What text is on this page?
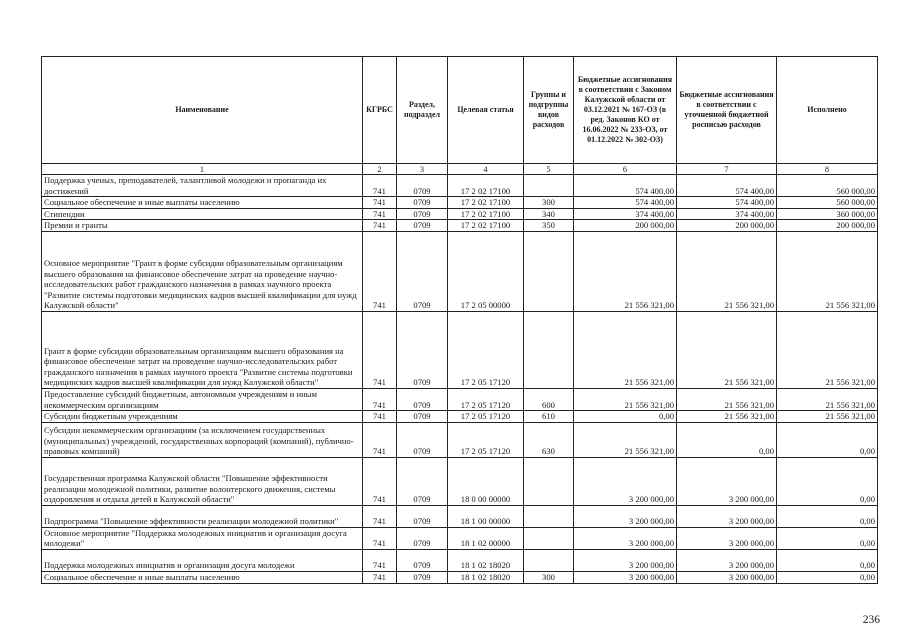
Наименование	КГРБС	Раздел, подраздел	Целевая статья	Группы и подгруппы видов расходов	Бюджетные ассигнования в соответствии с Законом Калужской области от 03.12.2021 № 167-ОЗ (в ред. Законов КО от 16.06.2022 № 233-ОЗ, от 01.12.2022 № 302-ОЗ)	Бюджетные ассигнования в соответствии с уточненной бюджетной росписью расходов	Исполнено
1	2	3	4	5	6	7	8
Поддержка ученых, преподавателей, талантливой молодежи и пропаганда их достижений	741	0709	17 2 02 17100		574 400,00	574 400,00	560 000,00
Социальное обеспечение и иные выплаты населению	741	0709	17 2 02 17100	300	574 400,00	574 400,00	560 000,00
Стипендии	741	0709	17 2 02 17100	340	374 400,00	374 400,00	360 000,00
Премии и гранты	741	0709	17 2 02 17100	350	200 000,00	200 000,00	200 000,00
Основное мероприятие "Грант в форме субсидии образовательным организациям высшего образования на финансовое обеспечение затрат на проведение научно-исследовательских работ гражданского назначения в рамках научного проекта "Развитие системы подготовки медицинских кадров высшей квалификации для нужд Калужской области"	741	0709	17 2 05 00000		21 556 321,00	21 556 321,00	21 556 321,00
Грант в форме субсидии образовательным организациям высшего образования на финансовое обеспечение затрат на проведение научно-исследовательских работ гражданского назначения в рамках научного проекта "Развитие системы подготовки медицинских кадров высшей квалификации для нужд Калужской области"	741	0709	17 2 05 17120		21 556 321,00	21 556 321,00	21 556 321,00
Предоставление субсидий бюджетным, автономным учреждениям и иным некоммерческим организациям	741	0709	17 2 05 17120	600	21 556 321,00	21 556 321,00	21 556 321,00
Субсидии бюджетным учреждениям	741	0709	17 2 05 17120	610	0,00	21 556 321,00	21 556 321,00
Субсидии некоммерческим организациям (за исключением государственных (муниципальных) учреждений, государственных корпораций (компаний), публично-правовых компаний)	741	0709	17 2 05 17120	630	21 556 321,00	0,00	0,00
Государственная программа Калужской области "Повышение эффективности реализации молодежной политики, развитие волонтерского движения, системы оздоровления и отдыха детей в Калужской области"	741	0709	18 0 00 00000		3 200 000,00	3 200 000,00	0,00
Подпрограмма "Повышение эффективности реализации молодежной политики"	741	0709	18 1 00 00000		3 200 000,00	3 200 000,00	0,00
Основное мероприятие "Поддержка молодежных инициатив и организация досуга молодежи"	741	0709	18 1 02 00000		3 200 000,00	3 200 000,00	0,00
Поддержка молодежных инициатив и организация досуга молодежи	741	0709	18 1 02 18020		3 200 000,00	3 200 000,00	0,00
Социальное обеспечение и иные выплаты населению	741	0709	18 1 02 18020	300	3 200 000,00	3 200 000,00	0,00
236
